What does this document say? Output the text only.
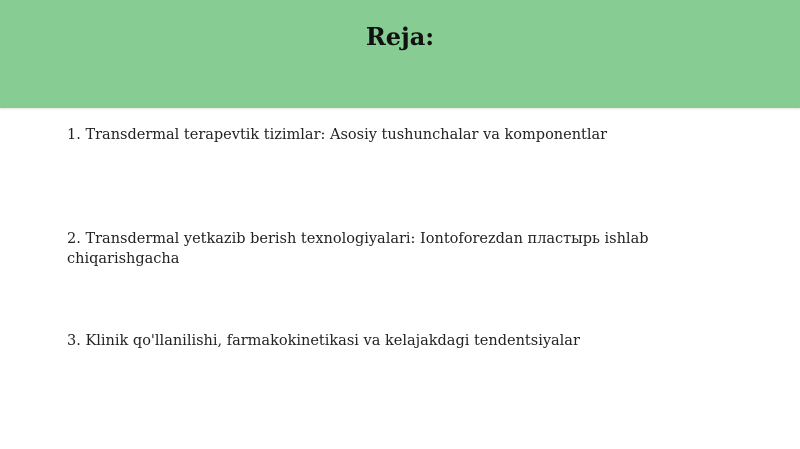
Reja:
1. Transdermal terapevtik tizimlar: Asosiy tushunchalar va komponentlar
2. Transdermal yetkazib berish texnologiyalari: Iontoforezdan пластырь ishlab chiqarishgacha
3. Klinik qo'llanilishi, farmakokinetikasi va kelajakdagi tendentsiyalar
